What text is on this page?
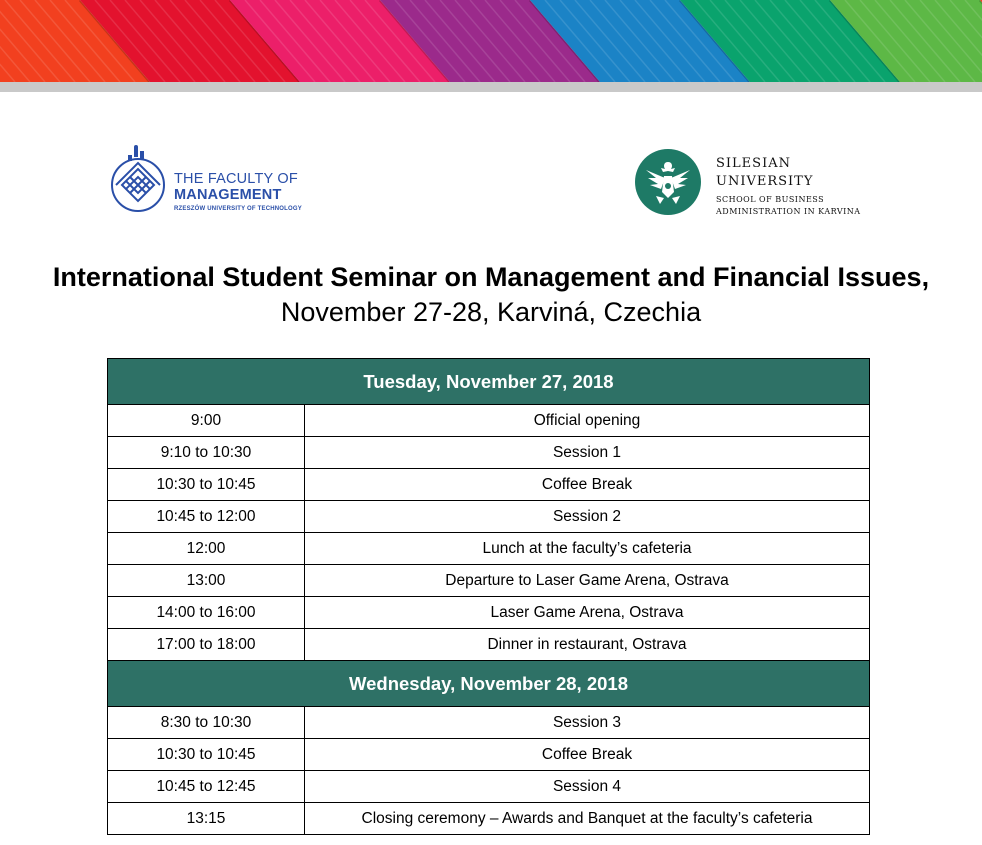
THE FACULTY OF
MANAGEMENT
RZESZÓW UNIVERSITY OF TECHNOLOGY
SILESIAN
UNIVERSITY
SCHOOL OF BUSINESS
ADMINISTRATION IN KARVINA
International Student Seminar on Management and Financial Issues,
November 27-28, Karviná, Czechia
Tuesday, November 27, 2018	
9:00	Official opening
9:10 to 10:30	Session 1
10:30 to 10:45	Coffee Break
10:45 to 12:00	Session 2
12:00	Lunch at the faculty’s cafeteria
13:00	Departure to Laser Game Arena, Ostrava
14:00 to 16:00	Laser Game Arena, Ostrava
17:00 to 18:00	Dinner in restaurant, Ostrava
Wednesday, November 28, 2018	
8:30 to 10:30	Session 3
10:30 to 10:45	Coffee Break
10:45 to 12:45	Session 4
13:15	Closing ceremony – Awards and Banquet at the faculty’s cafeteria
